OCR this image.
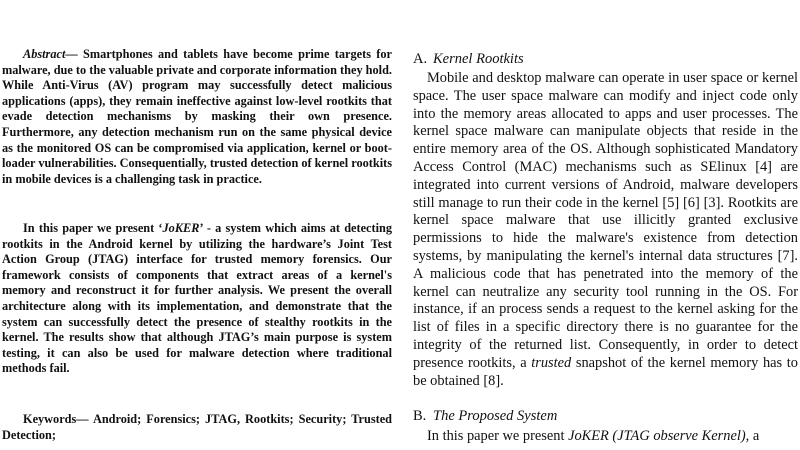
Abstract— Smartphones and tablets have become prime targets for malware, due to the valuable private and corporate information they hold. While Anti-Virus (AV) program may successfully detect malicious applications (apps), they remain ineffective against low-level rootkits that evade detection mechanisms by masking their own presence. Furthermore, any detection mechanism run on the same physical device as the monitored OS can be compromised via application, kernel or boot-loader vulnerabilities. Consequentially, trusted detection of kernel rootkits in mobile devices is a challenging task in practice.

In this paper we present ‘JoKER’ - a system which aims at detecting rootkits in the Android kernel by utilizing the hardware’s Joint Test Action Group (JTAG) interface for trusted memory forensics. Our framework consists of components that extract areas of a kernel's memory and reconstruct it for further analysis. We present the overall architecture along with its implementation, and demonstrate that the system can successfully detect the presence of stealthy rootkits in the kernel. The results show that although JTAG’s main purpose is system testing, it can also be used for malware detection where traditional methods fail.

Keywords— Android; Forensics; JTAG, Rootkits; Security; Trusted Detection;

A. Kernel Rootkits

Mobile and desktop malware can operate in user space or kernel space. The user space malware can modify and inject code only into the memory areas allocated to apps and user processes. The kernel space malware can manipulate objects that reside in the entire memory area of the OS. Although sophisticated Mandatory Access Control (MAC) mechanisms such as SElinux [4] are integrated into current versions of Android, malware developers still manage to run their code in the kernel [5] [6] [3]. Rootkits are kernel space malware that use illicitly granted exclusive permissions to hide the malware's existence from detection systems, by manipulating the kernel's internal data structures [7]. A malicious code that has penetrated into the memory of the kernel can neutralize any security tool running in the OS. For instance, if an process sends a request to the kernel asking for the list of files in a specific directory there is no guarantee for the integrity of the returned list. Consequently, in order to detect presence rootkits, a trusted snapshot of the kernel memory has to be obtained [8].

B. The Proposed System

In this paper we present JoKER (JTAG observe Kernel), a
